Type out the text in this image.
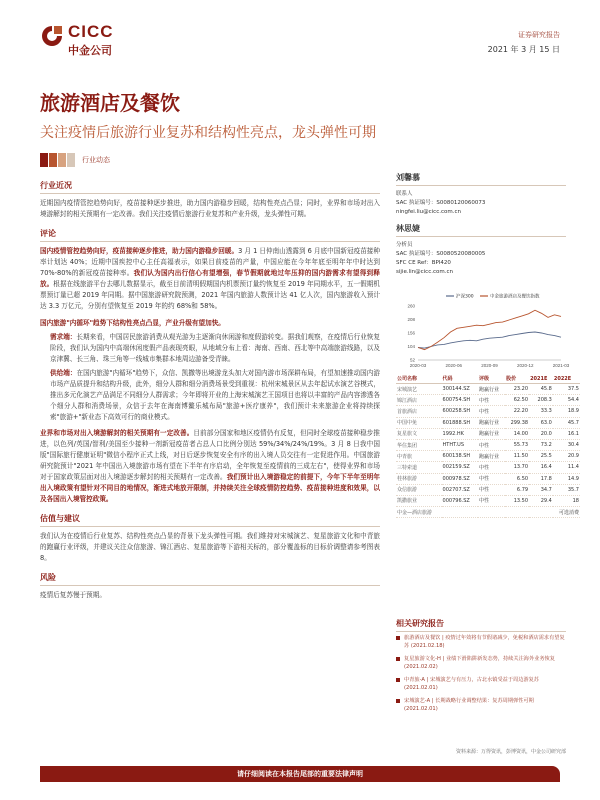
CICC
中金公司
证券研究报告
2021 年 3 月 15 日
旅游酒店及餐饮
关注疫情后旅游行业复苏和结构性亮点，龙头弹性可期
行业动态
行业近况

近期国内疫情管控趋势向好，疫苗接种逐步推进，助力国内游稳步回暖，结构性亮点凸显；同时，业界和市场对出入境游解封的相关预期有一定改善。我们关注疫情后旅游行业复苏和产业升级，龙头弹性可期。

评论

国内疫情管控趋势向好，疫苗接种逐步推进，助力国内游稳步回暖。3 月 1 日仲南山透露到 6 月底中国新冠疫苗接种率计划达 40%；近期中国疾控中心主任高福表示，如果目前疫苗的产量，中国应能在今年年底至明年年中时达到 70%-80%的新冠疫苗接种率。我们认为国内出行信心有望增强，春节假期就地过年压抑的国内游需求有望得到释放。根据在线旅游平台去哪儿数据显示，截至目前清明假期国内机票预订量约恢复至 2019 年同期水平，五一假期机票预订量已超 2019 年同期。据中国旅游研究院预测，2021 年国内旅游人数预计达 41 亿人次，国内旅游收入预计达 3.3 万亿元，分别有望恢复至 2019 年的约 68%和 58%。

国内旅游"内循环"趋势下结构性亮点凸显，产业升级有望加快。

需求端：长期来看，中国居民旅游消费从观光游为主逐渐向休闲游和度假游转变。据我们观察，在疫情后行业恢复阶段，我们认为国内中高端休闲度假产品表现亮眼，从地域分布上看：海南、西南、西北等中高端旅游线路，以及京津冀、长三角、珠三角等一线城市集群本地周边游备受青睐。

供给端：在国内旅游"内循环"趋势下，众信、凯撒等出境游龙头加大对国内游市场深耕布局，有望加速推动国内游市场产品质提升和结构升级，此外，细分人群和细分消费场景受到重视：杭州宋城景区从去年起试水演艺谷模式，推出多元化演艺产品满足不同细分人群需求；今年即将开业的上海宋城演艺王国项目也将以丰富的产品内容渗透各个细分人群和消费场景，众信于去年在海南博鳌乐城布局"旅游+医疗康养"，我们预计未来旅游企业将持续探索"旅游+"新业态下高效可行的商业模式。

业界和市场对出入境游解封的相关预期有一定改善。目前部分国家和地区疫情仍有反复，但同时全球疫苗接种稳步推进，以色列/英国/智利/美国至少接种一剂新冠疫苗者占总人口比例分别达 59%/34%/24%/19%。3 月 8 日我中国版"国际旅行健康证明"微信小程序正式上线，对日后逐步恢复安全有序的出入境人员交往有一定促进作用。中国旅游研究院预计"2021 年中国出入境旅游市场有望在下半年有序启动，全年恢复至疫情前的三成左右"，使得业界和市场对于国家政策层面对出入境游逐步解封的相关预期有一定改善。我们预计出入境游稳定的前提下，今年下半年至明年出入境政策有望针对不同目的地情况，渐进式地放开限制，并持续关注全球疫情防控趋势、疫苗接种进度和效果，以及各国出入境管控政策。

估值与建议

我们认为在疫情后行业复苏、结构性亮点凸显的背景下龙头弹性可期。我们维持对宋城演艺、复星旅游文化和中青旅的跑赢行业评级，并建议关注众信旅游、锦江酒店、复星旅游等下游相关标的，部分覆盖标的目标价调整请参考图表 8。

风险

疫情后复苏慢于预期。

刘馨慕
联系人
SAC 执证编号：S0080120060073
ningfei.liu@cicc.com.cn
林思婕
分析员
SAC 执证编号：S0080520080005
SFC CE Ref：BPI420
sijie.lin@cicc.com.cn
52
104
156
208
260
2020-03	2020-06	2020-09	2020-12	2021-03
沪深300	中金旅游酒店及餐饮指数
公司名称	代码	评级	股价	2021E	2022E
宋城演艺	300144.SZ	跑赢行业	23.20	45.8	37.5
锦江酒店	600754.SH	中性	62.50	208.3	54.4
首旅酒店	600258.SH	中性	22.20	33.3	18.9
中国中免	601888.SH	跑赢行业	299.38	63.0	45.7
复星旅文	1992.HK	跑赢行业	14.00	20.0	16.1
华住集团	HTHT.US	中性	55.73	73.2	30.4
中青旅	600138.SH	跑赢行业	11.50	25.5	20.9
三特索道	002159.SZ	中性	13.70	16.4	11.4
桂林旅游	000978.SZ	中性	6.50	17.8	14.9
众信旅游	002707.SZ	中性	6.79	34.7	35.7
凯撒旅业	000796.SZ	中性	13.50	29.4	18
中金—酒店旅游					可选消费
相关研究报告
旅游酒店及餐饮 | 疫情过年效将有节假诸减少，免税和酒店需求有望复苏 (2021.02.18)
复星旅游文化-H | 业绩下滑陷阱新发态势，持续关注海外业务恢复 (2021.02.02)
中青旅-A | 宋城演艺与有压力，古北水镇受益于周边游复苏 (2021.02.01)
宋城演艺-A | 长期战略行业调整结果：复苏周期弹性可期 (2021.02.01)
资料来源：万得资讯，彭博资讯，中金公司研究部
请仔细阅读在本报告尾部的重要法律声明
